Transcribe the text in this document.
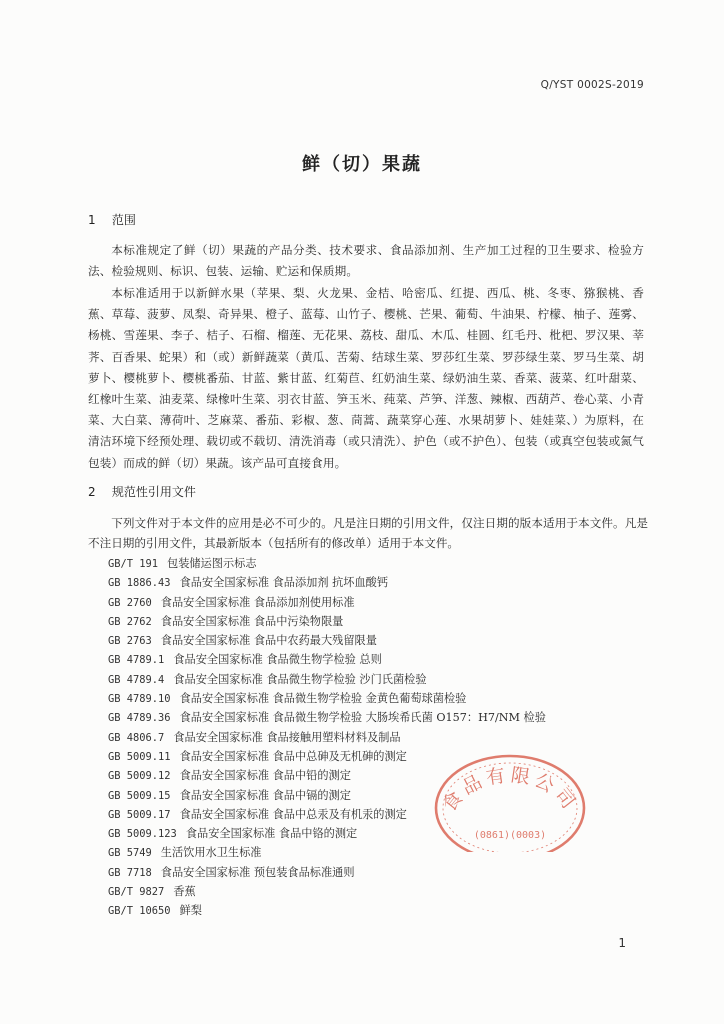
Q/YST 0002S-2019
鲜（切）果蔬
1 范围

本标准规定了鲜（切）果蔬的产品分类、技术要求、食品添加剂、生产加工过程的卫生要求、检验方法、检验规则、标识、包装、运输、贮运和保质期。

本标准适用于以新鲜水果（苹果、梨、火龙果、金桔、哈密瓜、红提、西瓜、桃、冬枣、猕猴桃、香蕉、草莓、菠萝、凤梨、奇异果、橙子、蓝莓、山竹子、樱桃、芒果、葡萄、牛油果、柠檬、柚子、莲雾、杨桃、雪莲果、李子、桔子、石榴、榴莲、无花果、荔枝、甜瓜、木瓜、桂圆、红毛丹、枇杷、罗汉果、莘荠、百香果、蛇果）和（或）新鲜蔬菜（黄瓜、苦菊、结球生菜、罗莎红生菜、罗莎绿生菜、罗马生菜、胡萝卜、樱桃萝卜、樱桃番茄、甘蓝、紫甘蓝、红菊苣、红奶油生菜、绿奶油生菜、香菜、菠菜、红叶甜菜、红橡叶生菜、油麦菜、绿橡叶生菜、羽衣甘蓝、笋玉米、莼菜、芦笋、洋葱、辣椒、西葫芦、卷心菜、小青菜、大白菜、薄荷叶、芝麻菜、番茄、彩椒、葱、茼蒿、蔬菜穿心莲、水果胡萝卜、娃娃菜、）为原料，在清洁环境下经预处理、载切或不载切、清洗消毒（或只清洗）、护色（或不护色）、包装（或真空包装或氮气包装）而成的鲜（切）果蔬。该产品可直接食用。

2 规范性引用文件

下列文件对于本文件的应用是必不可少的。凡是注日期的引用文件，仅注日期的版本适用于本文件。凡是不注日期的引用文件，其最新版本（包括所有的修改单）适用于本文件。

GB/T 191 包装储运图示标志
GB 1886.43 食品安全国家标准 食品添加剂 抗坏血酸钙
GB 2760 食品安全国家标准 食品添加剂使用标准
GB 2762 食品安全国家标准 食品中污染物限量
GB 2763 食品安全国家标准 食品中农药最大残留限量
GB 4789.1 食品安全国家标准 食品微生物学检验 总则
GB 4789.4 食品安全国家标准 食品微生物学检验 沙门氏菌检验
GB 4789.10 食品安全国家标准 食品微生物学检验 金黄色葡萄球菌检验
GB 4789.36 食品安全国家标准 食品微生物学检验 大肠埃希氏菌 O157：H7/NM 检验
GB 4806.7 食品安全国家标准 食品接触用塑料材料及制品
GB 5009.11 食品安全国家标准 食品中总砷及无机砷的测定
GB 5009.12 食品安全国家标准 食品中铅的测定
GB 5009.15 食品安全国家标准 食品中镉的测定
GB 5009.17 食品安全国家标准 食品中总汞及有机汞的测定
GB 5009.123 食品安全国家标准 食品中铬的测定
GB 5749 生活饮用水卫生标准
GB 7718 食品安全国家标准 预包装食品标准通则
GB/T 9827 香蕉
GB/T 10650 鲜梨
食品有限公司
(0861)(0003)
1
